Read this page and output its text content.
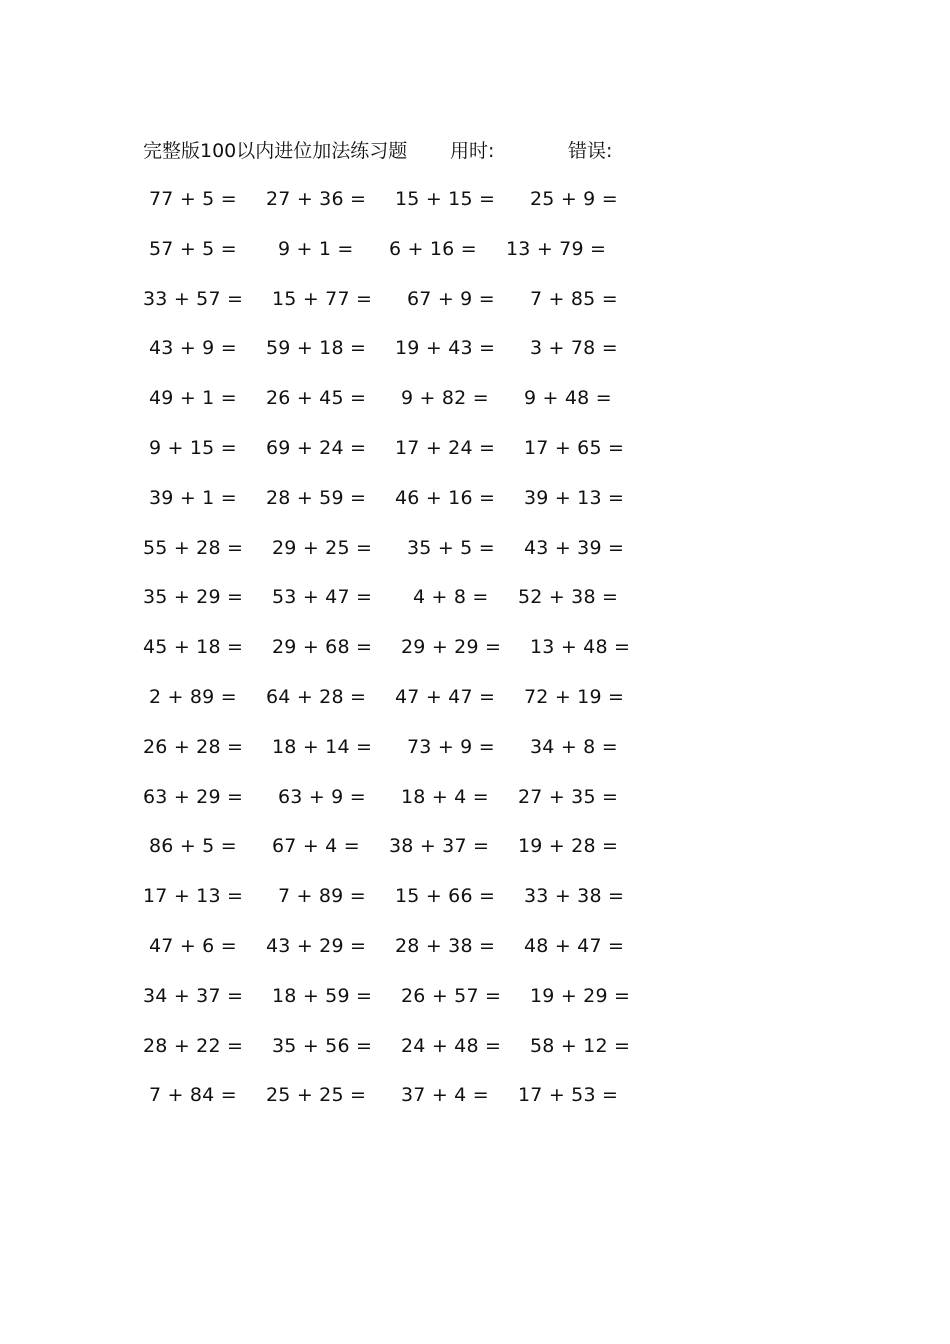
完整版100以内进位加法练习题 用时:	错误:
77 + 5 = 27 + 36 = 15 + 15 = 25 + 9 =
57 + 5 = 9 + 1 = 6 + 16 = 13 + 79 =
33 + 57 = 15 + 77 = 67 + 9 = 7 + 85 =
43 + 9 = 59 + 18 = 19 + 43 = 3 + 78 =
49 + 1 = 26 + 45 = 9 + 82 = 9 + 48 =
9 + 15 = 69 + 24 = 17 + 24 = 17 + 65 =
39 + 1 = 28 + 59 = 46 + 16 = 39 + 13 =
55 + 28 = 29 + 25 = 35 + 5 = 43 + 39 =
35 + 29 = 53 + 47 = 4 + 8 = 52 + 38 =
45 + 18 = 29 + 68 = 29 + 29 = 13 + 48 =
2 + 89 = 64 + 28 = 47 + 47 = 72 + 19 =
26 + 28 = 18 + 14 = 73 + 9 = 34 + 8 =
63 + 29 = 63 + 9 = 18 + 4 = 27 + 35 =
86 + 5 = 67 + 4 = 38 + 37 = 19 + 28 =
17 + 13 = 7 + 89 = 15 + 66 = 33 + 38 =
47 + 6 = 43 + 29 = 28 + 38 = 48 + 47 =
34 + 37 = 18 + 59 = 26 + 57 = 19 + 29 =
28 + 22 = 35 + 56 = 24 + 48 = 58 + 12 =
7 + 84 = 25 + 25 = 37 + 4 = 17 + 53 =
